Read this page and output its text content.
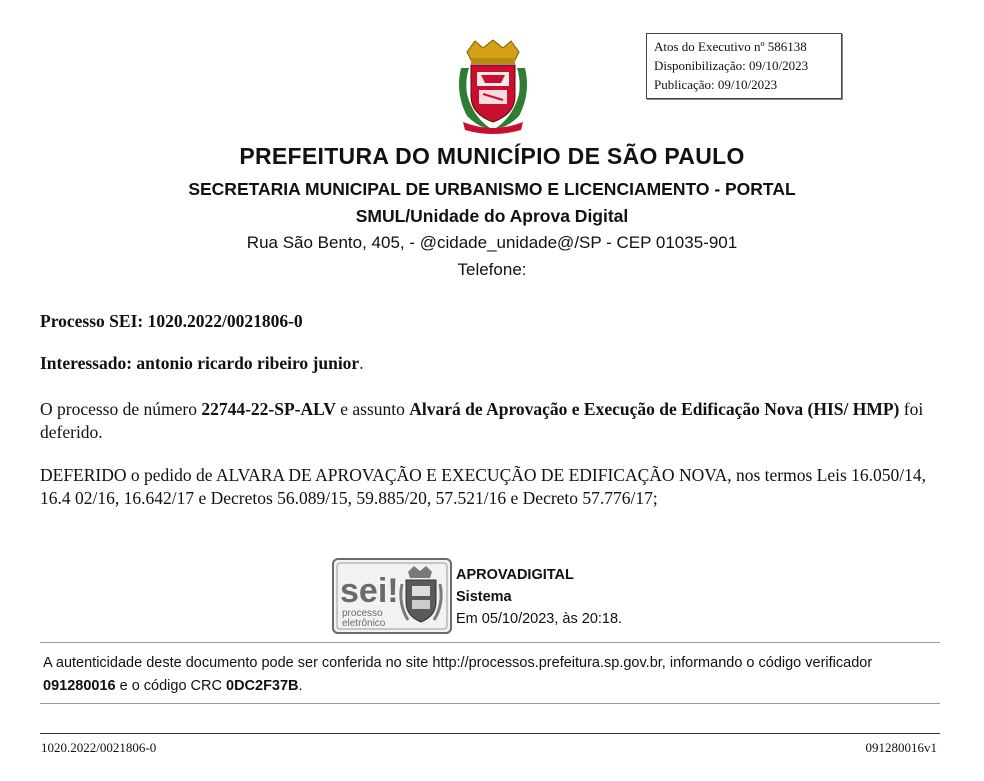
Atos do Executivo nº 586138
Disponibilização: 09/10/2023
Publicação: 09/10/2023
PREFEITURA DO MUNICÍPIO DE SÃO PAULO
SECRETARIA MUNICIPAL DE URBANISMO E LICENCIAMENTO - PORTAL
SMUL/Unidade do Aprova Digital
Rua São Bento, 405, - @cidade_unidade@/SP - CEP 01035-901
Telefone:
Processo SEI: 1020.2022/0021806-0
Interessado: antonio ricardo ribeiro junior.
O processo de número 22744-22-SP-ALV e assunto Alvará de Aprovação e Execução de Edificação Nova (HIS/ HMP) foi deferido.
DEFERIDO o pedido de ALVARA DE APROVAÇÃO E EXECUÇÃO DE EDIFICAÇÃO NOVA, nos termos Leis 16.050/14, 16.4 02/16, 16.642/17 e Decretos 56.089/15, 59.885/20, 57.521/16 e Decreto 57.776/17;
sei!
processo
eletrônico
APROVADIGITAL
Sistema
Em 05/10/2023, às 20:18.
A autenticidade deste documento pode ser conferida no site http://processos.prefeitura.sp.gov.br, informando o código verificador 091280016 e o código CRC 0DC2F37B.
1020.2022/0021806-0	091280016v1
